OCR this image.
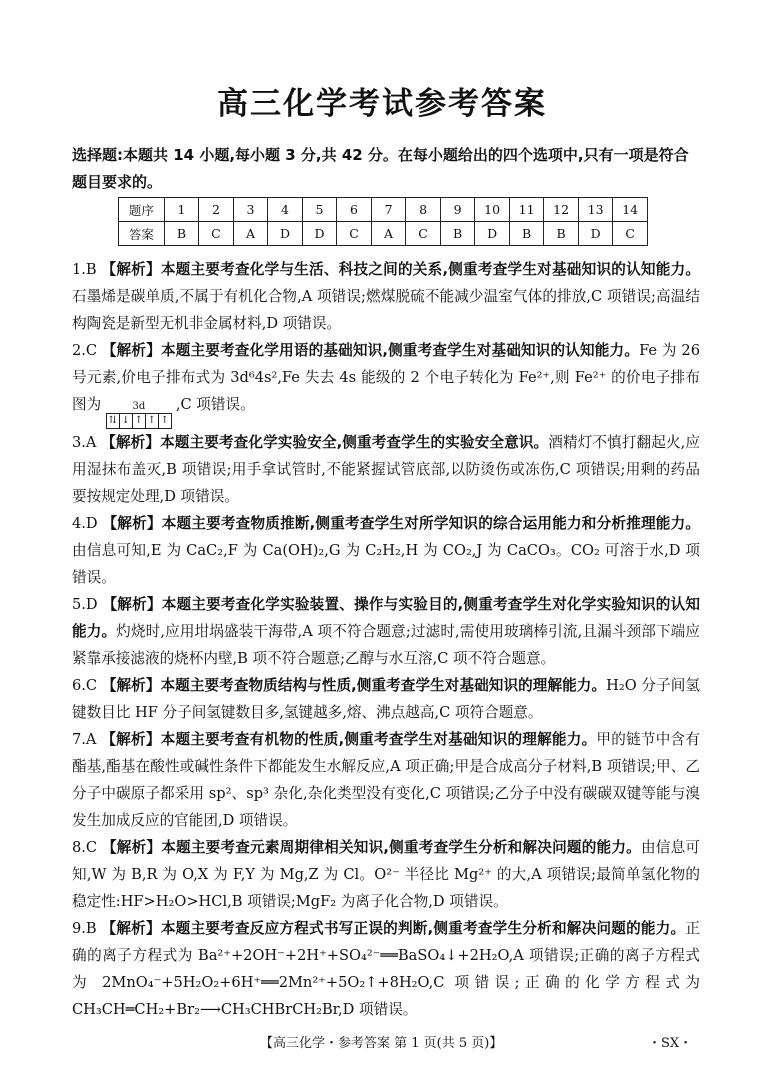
高三化学考试参考答案
选择题:本题共 14 小题,每小题 3 分,共 42 分。在每小题给出的四个选项中,只有一项是符合题目要求的。
题序	1	2	3	4	5	6	7	8	9	10	11	12	13	14
答案	B	C	A	D	D	C	A	C	B	D	B	B	D	C
1.B 【解析】本题主要考查化学与生活、科技之间的关系,侧重考查学生对基础知识的认知能力。石墨烯是碳单质,不属于有机化合物,A 项错误;燃煤脱硫不能减少温室气体的排放,C 项错误;高温结构陶瓷是新型无机非金属材料,D 项错误。
2.C 【解析】本题主要考查化学用语的基础知识,侧重考查学生对基础知识的认知能力。Fe 为 26 号元素,价电子排布式为 3d⁶4s²,Fe 失去 4s 能级的 2 个电子转化为 Fe²⁺,则 Fe²⁺ 的价电子排布图为	3d
⇅ ↓ ↑ ↑ ↑
,C 项错误。
3.A 【解析】本题主要考查化学实验安全,侧重考查学生的实验安全意识。酒精灯不慎打翻起火,应用湿抹布盖灭,B 项错误;用手拿试管时,不能紧握试管底部,以防烫伤或冻伤,C 项错误;用剩的药品要按规定处理,D 项错误。
4.D 【解析】本题主要考查物质推断,侧重考查学生对所学知识的综合运用能力和分析推理能力。由信息可知,E 为 CaC₂,F 为 Ca(OH)₂,G 为 C₂H₂,H 为 CO₂,J 为 CaCO₃。CO₂ 可溶于水,D 项错误。
5.D 【解析】本题主要考查化学实验装置、操作与实验目的,侧重考查学生对化学实验知识的认知能力。灼烧时,应用坩埚盛装干海带,A 项不符合题意;过滤时,需使用玻璃棒引流,且漏斗颈部下端应紧靠承接滤液的烧杯内壁,B 项不符合题意;乙醇与水互溶,C 项不符合题意。
6.C 【解析】本题主要考查物质结构与性质,侧重考查学生对基础知识的理解能力。H₂O 分子间氢键数目比 HF 分子间氢键数目多,氢键越多,熔、沸点越高,C 项符合题意。
7.A 【解析】本题主要考查有机物的性质,侧重考查学生对基础知识的理解能力。甲的链节中含有酯基,酯基在酸性或碱性条件下都能发生水解反应,A 项正确;甲是合成高分子材料,B 项错误;甲、乙分子中碳原子都采用 sp²、sp³ 杂化,杂化类型没有变化,C 项错误;乙分子中没有碳碳双键等能与溴发生加成反应的官能团,D 项错误。
8.C 【解析】本题主要考查元素周期律相关知识,侧重考查学生分析和解决问题的能力。由信息可知,W 为 B,R 为 O,X 为 F,Y 为 Mg,Z 为 Cl。O²⁻ 半径比 Mg²⁺ 的大,A 项错误;最简单氢化物的稳定性:HF>H₂O>HCl,B 项错误;MgF₂ 为离子化合物,D 项错误。
9.B 【解析】本题主要考查反应方程式书写正误的判断,侧重考查学生分析和解决问题的能力。正确的离子方程式为 Ba²⁺+2OH⁻+2H⁺+SO₄²⁻══BaSO₄↓+2H₂O,A 项错误;正确的离子方程式为 2MnO₄⁻+5H₂O₂+6H⁺══2Mn²⁺+5O₂↑+8H₂O,C 项错误;正确的化学方程式为 CH₃CH═CH₂+Br₂⟶CH₃CHBrCH₂Br,D 项错误。
【高三化学・参考答案 第 1 页(共 5 页)】	・SX・
